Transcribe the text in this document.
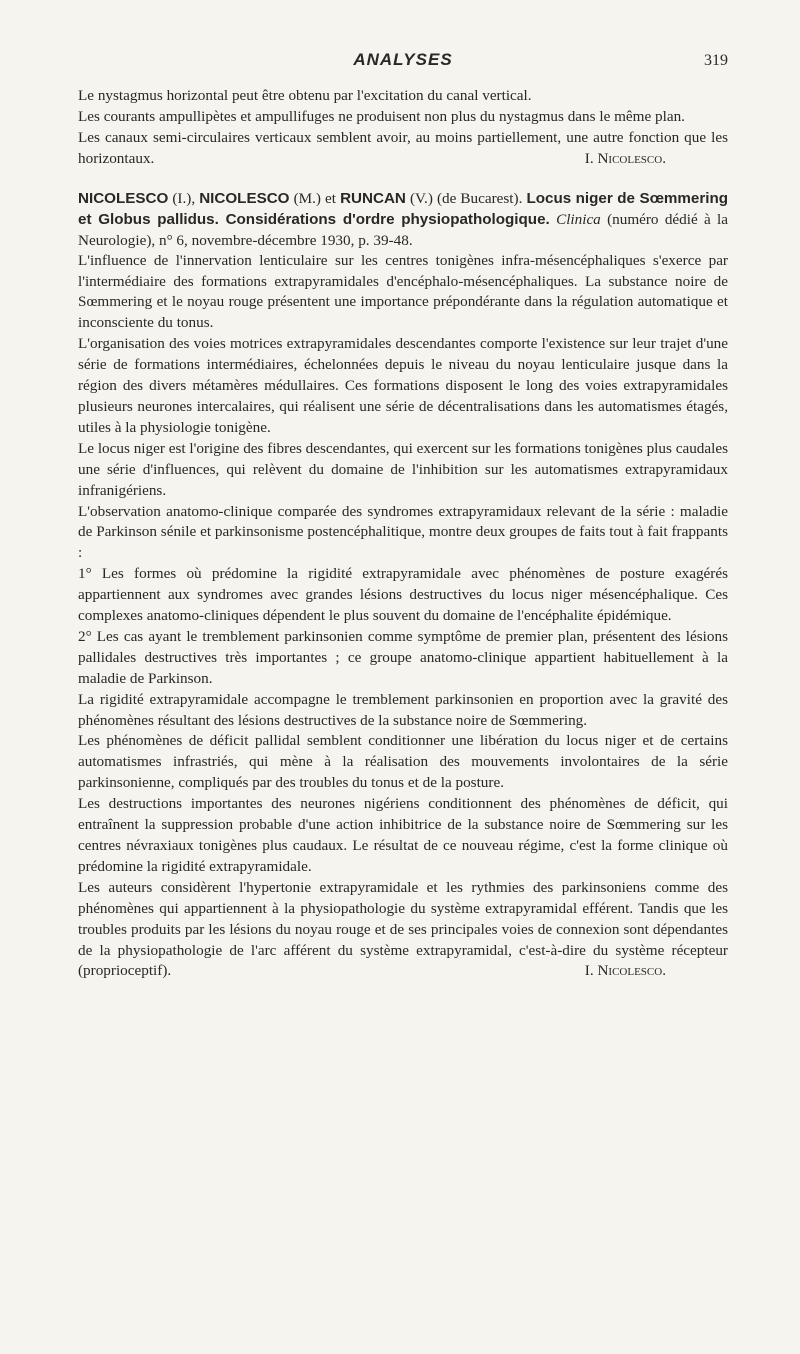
ANALYSES	319

Le nystagmus horizontal peut être obtenu par l'excitation du canal vertical.

Les courants ampullipètes et ampullifuges ne produisent non plus du nystagmus dans le même plan.

Les canaux semi-circulaires verticaux semblent avoir, au moins partiellement, une autre fonction que les horizontaux.	I. Nicolesco.

NICOLESCO (I.), NICOLESCO (M.) et RUNCAN (V.) (de Bucarest). Locus niger de Sœmmering et Globus pallidus. Considérations d'ordre physiopathologique. Clinica (numéro dédié à la Neurologie), n° 6, novembre-décembre 1930, p. 39-48.

L'influence de l'innervation lenticulaire sur les centres tonigènes infra-mésencéphaliques s'exerce par l'intermédiaire des formations extrapyramidales d'encéphalo-mésencéphaliques. La substance noire de Sœmmering et le noyau rouge présentent une importance prépondérante dans la régulation automatique et inconsciente du tonus.

L'organisation des voies motrices extrapyramidales descendantes comporte l'existence sur leur trajet d'une série de formations intermédiaires, échelonnées depuis le niveau du noyau lenticulaire jusque dans la région des divers métamères médullaires. Ces formations disposent le long des voies extrapyramidales plusieurs neurones intercalaires, qui réalisent une série de décentralisations dans les automatismes étagés, utiles à la physiologie tonigène.

Le locus niger est l'origine des fibres descendantes, qui exercent sur les formations tonigènes plus caudales une série d'influences, qui relèvent du domaine de l'inhibition sur les automatismes extrapyramidaux infranigériens.

L'observation anatomo-clinique comparée des syndromes extrapyramidaux relevant de la série : maladie de Parkinson sénile et parkinsonisme postencéphalitique, montre deux groupes de faits tout à fait frappants :

1° Les formes où prédomine la rigidité extrapyramidale avec phénomènes de posture exagérés appartiennent aux syndromes avec grandes lésions destructives du locus niger mésencéphalique. Ces complexes anatomo-cliniques dépendent le plus souvent du domaine de l'encéphalite épidémique.

2° Les cas ayant le tremblement parkinsonien comme symptôme de premier plan, présentent des lésions pallidales destructives très importantes ; ce groupe anatomo-clinique appartient habituellement à la maladie de Parkinson.

La rigidité extrapyramidale accompagne le tremblement parkinsonien en proportion avec la gravité des phénomènes résultant des lésions destructives de la substance noire de Sœmmering.

Les phénomènes de déficit pallidal semblent conditionner une libération du locus niger et de certains automatismes infrastriés, qui mène à la réalisation des mouvements involontaires de la série parkinsonienne, compliqués par des troubles du tonus et de la posture.

Les destructions importantes des neurones nigériens conditionnent des phénomènes de déficit, qui entraînent la suppression probable d'une action inhibitrice de la substance noire de Sœmmering sur les centres névraxiaux tonigènes plus caudaux. Le résultat de ce nouveau régime, c'est la forme clinique où prédomine la rigidité extrapyramidale.

Les auteurs considèrent l'hypertonie extrapyramidale et les rythmies des parkinsoniens comme des phénomènes qui appartiennent à la physiopathologie du système extrapyramidal efférent. Tandis que les troubles produits par les lésions du noyau rouge et de ses principales voies de connexion sont dépendantes de la physiopathologie de l'arc afférent du système extrapyramidal, c'est-à-dire du système récepteur (proprioceptif).	I. Nicolesco.
